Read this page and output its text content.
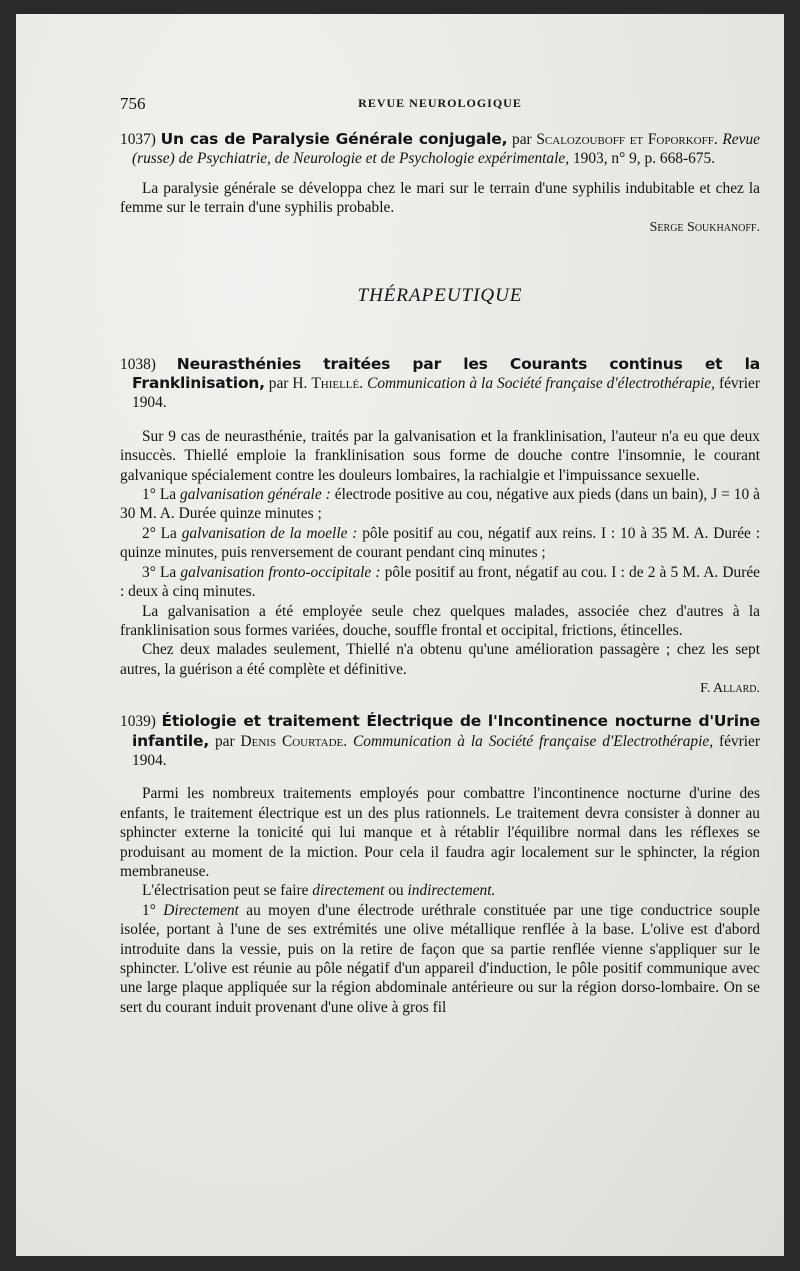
756	REVUE NEUROLOGIQUE

1037) Un cas de Paralysie Générale conjugale, par Scalozouboff et Foporkoff. Revue (russe) de Psychiatrie, de Neurologie et de Psychologie expérimentale, 1903, n° 9, p. 668-675.

La paralysie générale se développa chez le mari sur le terrain d'une syphilis indubitable et chez la femme sur le terrain d'une syphilis probable.

Serge Soukhanoff.

THÉRAPEUTIQUE

1038) Neurasthénies traitées par les Courants continus et la Franklinisation, par H. Thiellé. Communication à la Société française d'électrothérapie, février 1904.

Sur 9 cas de neurasthénie, traités par la galvanisation et la franklinisation, l'auteur n'a eu que deux insuccès. Thiellé emploie la franklinisation sous forme de douche contre l'insomnie, le courant galvanique spécialement contre les douleurs lombaires, la rachialgie et l'impuissance sexuelle.

1° La galvanisation générale : électrode positive au cou, négative aux pieds (dans un bain), J = 10 à 30 M. A. Durée quinze minutes ;

2° La galvanisation de la moelle : pôle positif au cou, négatif aux reins. I : 10 à 35 M. A. Durée : quinze minutes, puis renversement de courant pendant cinq minutes ;

3° La galvanisation fronto-occipitale : pôle positif au front, négatif au cou. I : de 2 à 5 M. A. Durée : deux à cinq minutes.

La galvanisation a été employée seule chez quelques malades, associée chez d'autres à la franklinisation sous formes variées, douche, souffle frontal et occipital, frictions, étincelles.

Chez deux malades seulement, Thiellé n'a obtenu qu'une amélioration passagère ; chez les sept autres, la guérison a été complète et définitive.

F. Allard.

1039) Étiologie et traitement Électrique de l'Incontinence nocturne d'Urine infantile, par Denis Courtade. Communication à la Société française d'Electrothérapie, février 1904.

Parmi les nombreux traitements employés pour combattre l'incontinence nocturne d'urine des enfants, le traitement électrique est un des plus rationnels. Le traitement devra consister à donner au sphincter externe la tonicité qui lui manque et à rétablir l'équilibre normal dans les réflexes se produisant au moment de la miction. Pour cela il faudra agir localement sur le sphincter, la région membraneuse.

L'électrisation peut se faire directement ou indirectement.

1° Directement au moyen d'une électrode uréthrale constituée par une tige conductrice souple isolée, portant à l'une de ses extrémités une olive métallique renflée à la base. L'olive est d'abord introduite dans la vessie, puis on la retire de façon que sa partie renflée vienne s'appliquer sur le sphincter. L'olive est réunie au pôle négatif d'un appareil d'induction, le pôle positif communique avec une large plaque appliquée sur la région abdominale antérieure ou sur la région dorso-lombaire. On se sert du courant induit provenant d'une olive à gros fil
